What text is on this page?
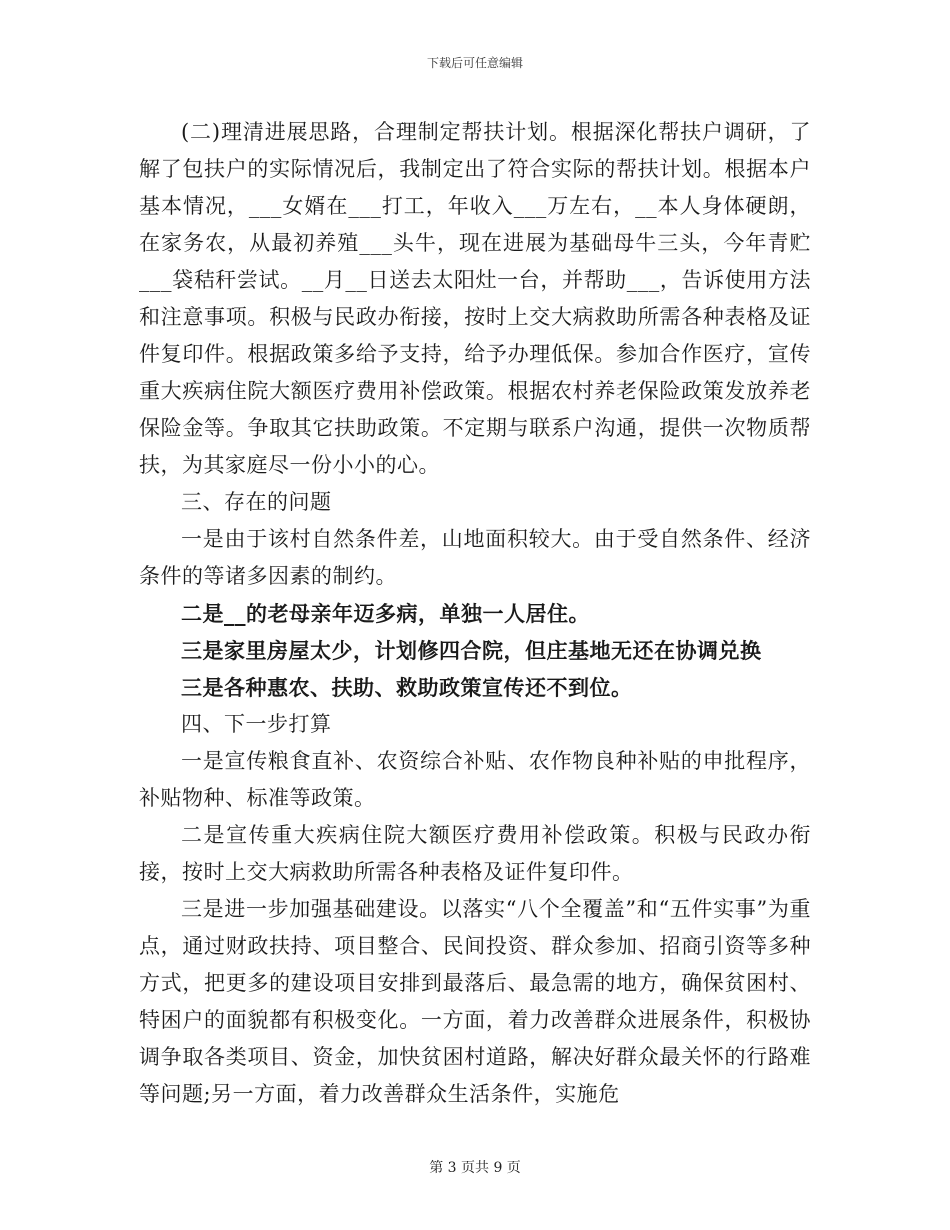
下载后可任意编辑

(二)理清进展思路，合理制定帮扶计划。根据深化帮扶户调研，了解了包扶户的实际情况后，我制定出了符合实际的帮扶计划。根据本户基本情况，___女婿在___打工，年收入___万左右，__本人身体硬朗，在家务农，从最初养殖___头牛，现在进展为基础母牛三头，今年青贮___袋秸秆尝试。__月__日送去太阳灶一台，并帮助___，告诉使用方法和注意事项。积极与民政办衔接，按时上交大病救助所需各种表格及证件复印件。根据政策多给予支持，给予办理低保。参加合作医疗，宣传重大疾病住院大额医疗费用补偿政策。根据农村养老保险政策发放养老保险金等。争取其它扶助政策。不定期与联系户沟通，提供一次物质帮扶，为其家庭尽一份小小的心。

三、存在的问题

一是由于该村自然条件差，山地面积较大。由于受自然条件、经济条件的等诸多因素的制约。

二是__的老母亲年迈多病，单独一人居住。

三是家里房屋太少，计划修四合院，但庄基地无还在协调兑换

三是各种惠农、扶助、救助政策宣传还不到位。

四、下一步打算

一是宣传粮食直补、农资综合补贴、农作物良种补贴的申批程序，补贴物种、标准等政策。

二是宣传重大疾病住院大额医疗费用补偿政策。积极与民政办衔接，按时上交大病救助所需各种表格及证件复印件。

三是进一步加强基础建设。以落实“八个全覆盖”和“五件实事”为重点，通过财政扶持、项目整合、民间投资、群众参加、招商引资等多种方式，把更多的建设项目安排到最落后、最急需的地方，确保贫困村、特困户的面貌都有积极变化。一方面，着力改善群众进展条件，积极协调争取各类项目、资金，加快贫困村道路，解决好群众最关怀的行路难等问题;另一方面，着力改善群众生活条件，实施危

第 3 页共 9 页
